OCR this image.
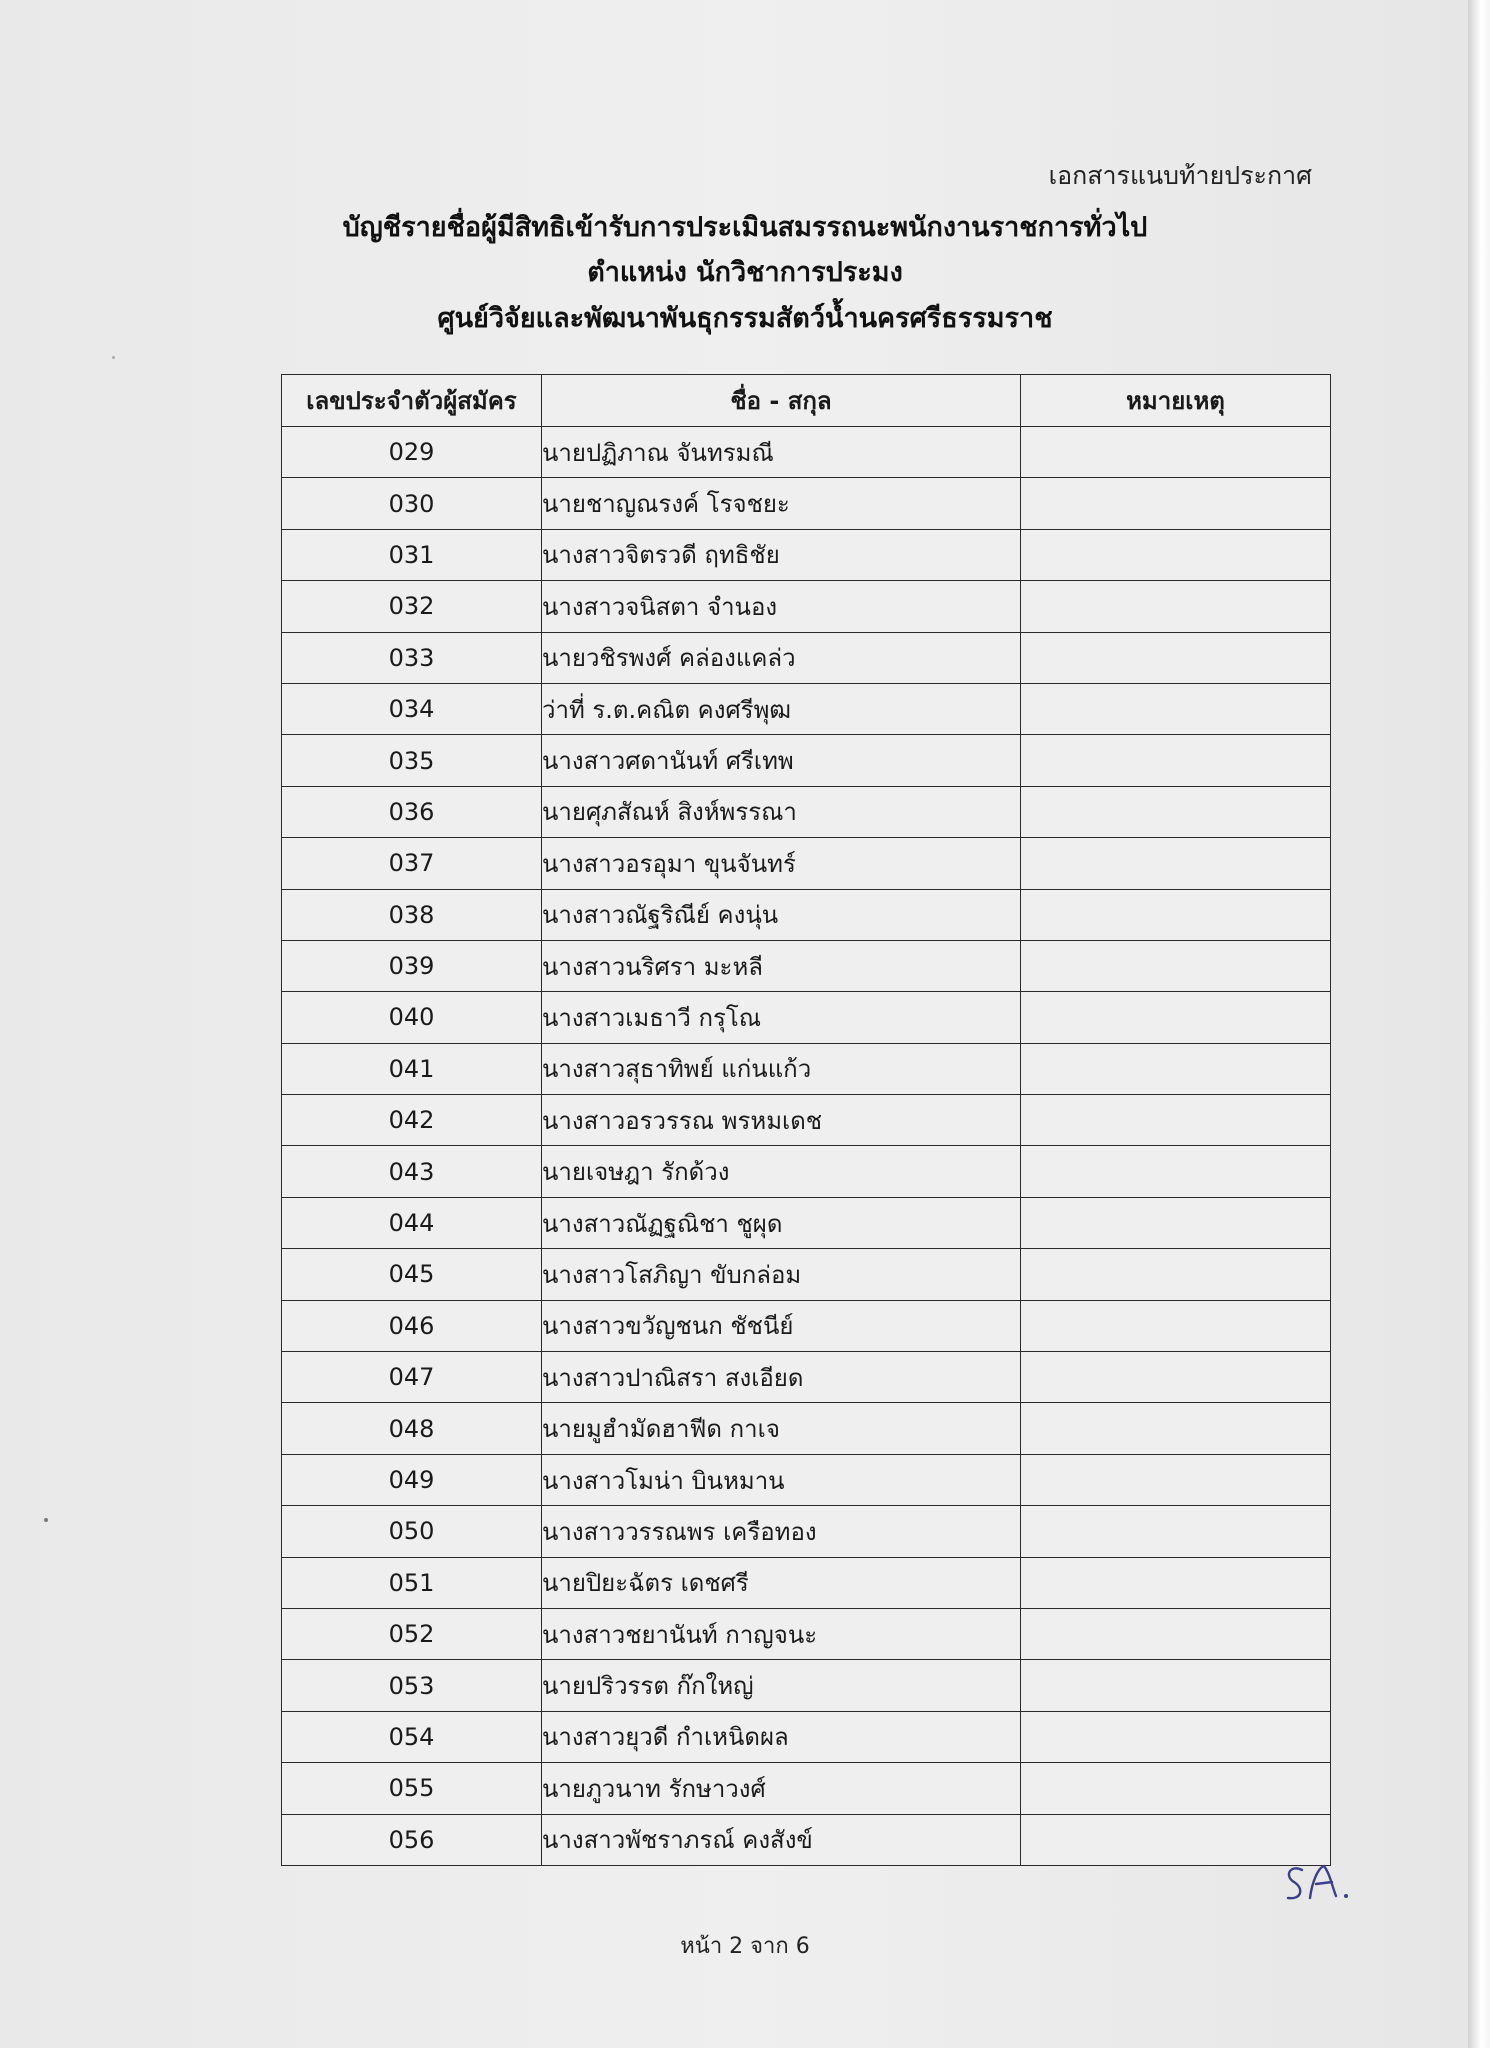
เอกสารแนบท้ายประกาศ
บัญชีรายชื่อผู้มีสิทธิเข้ารับการประเมินสมรรถนะพนักงานราชการทั่วไป
ตำแหน่ง นักวิชาการประมง
ศูนย์วิจัยและพัฒนาพันธุกรรมสัตว์น้ำนครศรีธรรมราช
เลขประจำตัวผู้สมัคร	ชื่อ - สกุล	หมายเหตุ
029	นายปฏิภาณ จันทรมณี	
030	นายชาญณรงค์ โรจชยะ	
031	นางสาวจิตรวดี ฤทธิชัย	
032	นางสาวจนิสตา จำนอง	
033	นายวชิรพงศ์ คล่องแคล่ว	
034	ว่าที่ ร.ต.คณิต คงศรีพุฒ	
035	นางสาวศดานันท์ ศรีเทพ	
036	นายศุภสัณห์ สิงห์พรรณา	
037	นางสาวอรอุมา ขุนจันทร์	
038	นางสาวณัฐริณีย์ คงนุ่น	
039	นางสาวนริศรา มะหลี	
040	นางสาวเมธาวี กรุโณ	
041	นางสาวสุธาทิพย์ แก่นแก้ว	
042	นางสาวอรวรรณ พรหมเดช	
043	นายเจษฎา รักด้วง	
044	นางสาวณัฏฐณิชา ชูผุด	
045	นางสาวโสภิญา ขับกล่อม	
046	นางสาวขวัญชนก ชัชนีย์	
047	นางสาวปาณิสรา สงเอียด	
048	นายมูฮำมัดฮาฟีด กาเจ	
049	นางสาวโมน่า บินหมาน	
050	นางสาววรรณพร เครือทอง	
051	นายปิยะฉัตร เดชศรี	
052	นางสาวชยานันท์ กาญจนะ	
053	นายปริวรรต ก๊กใหญ่	
054	นางสาวยุวดี กำเหนิดผล	
055	นายภูวนาท รักษาวงศ์	
056	นางสาวพัชราภรณ์ คงสังข์	
หน้า 2 จาก 6
